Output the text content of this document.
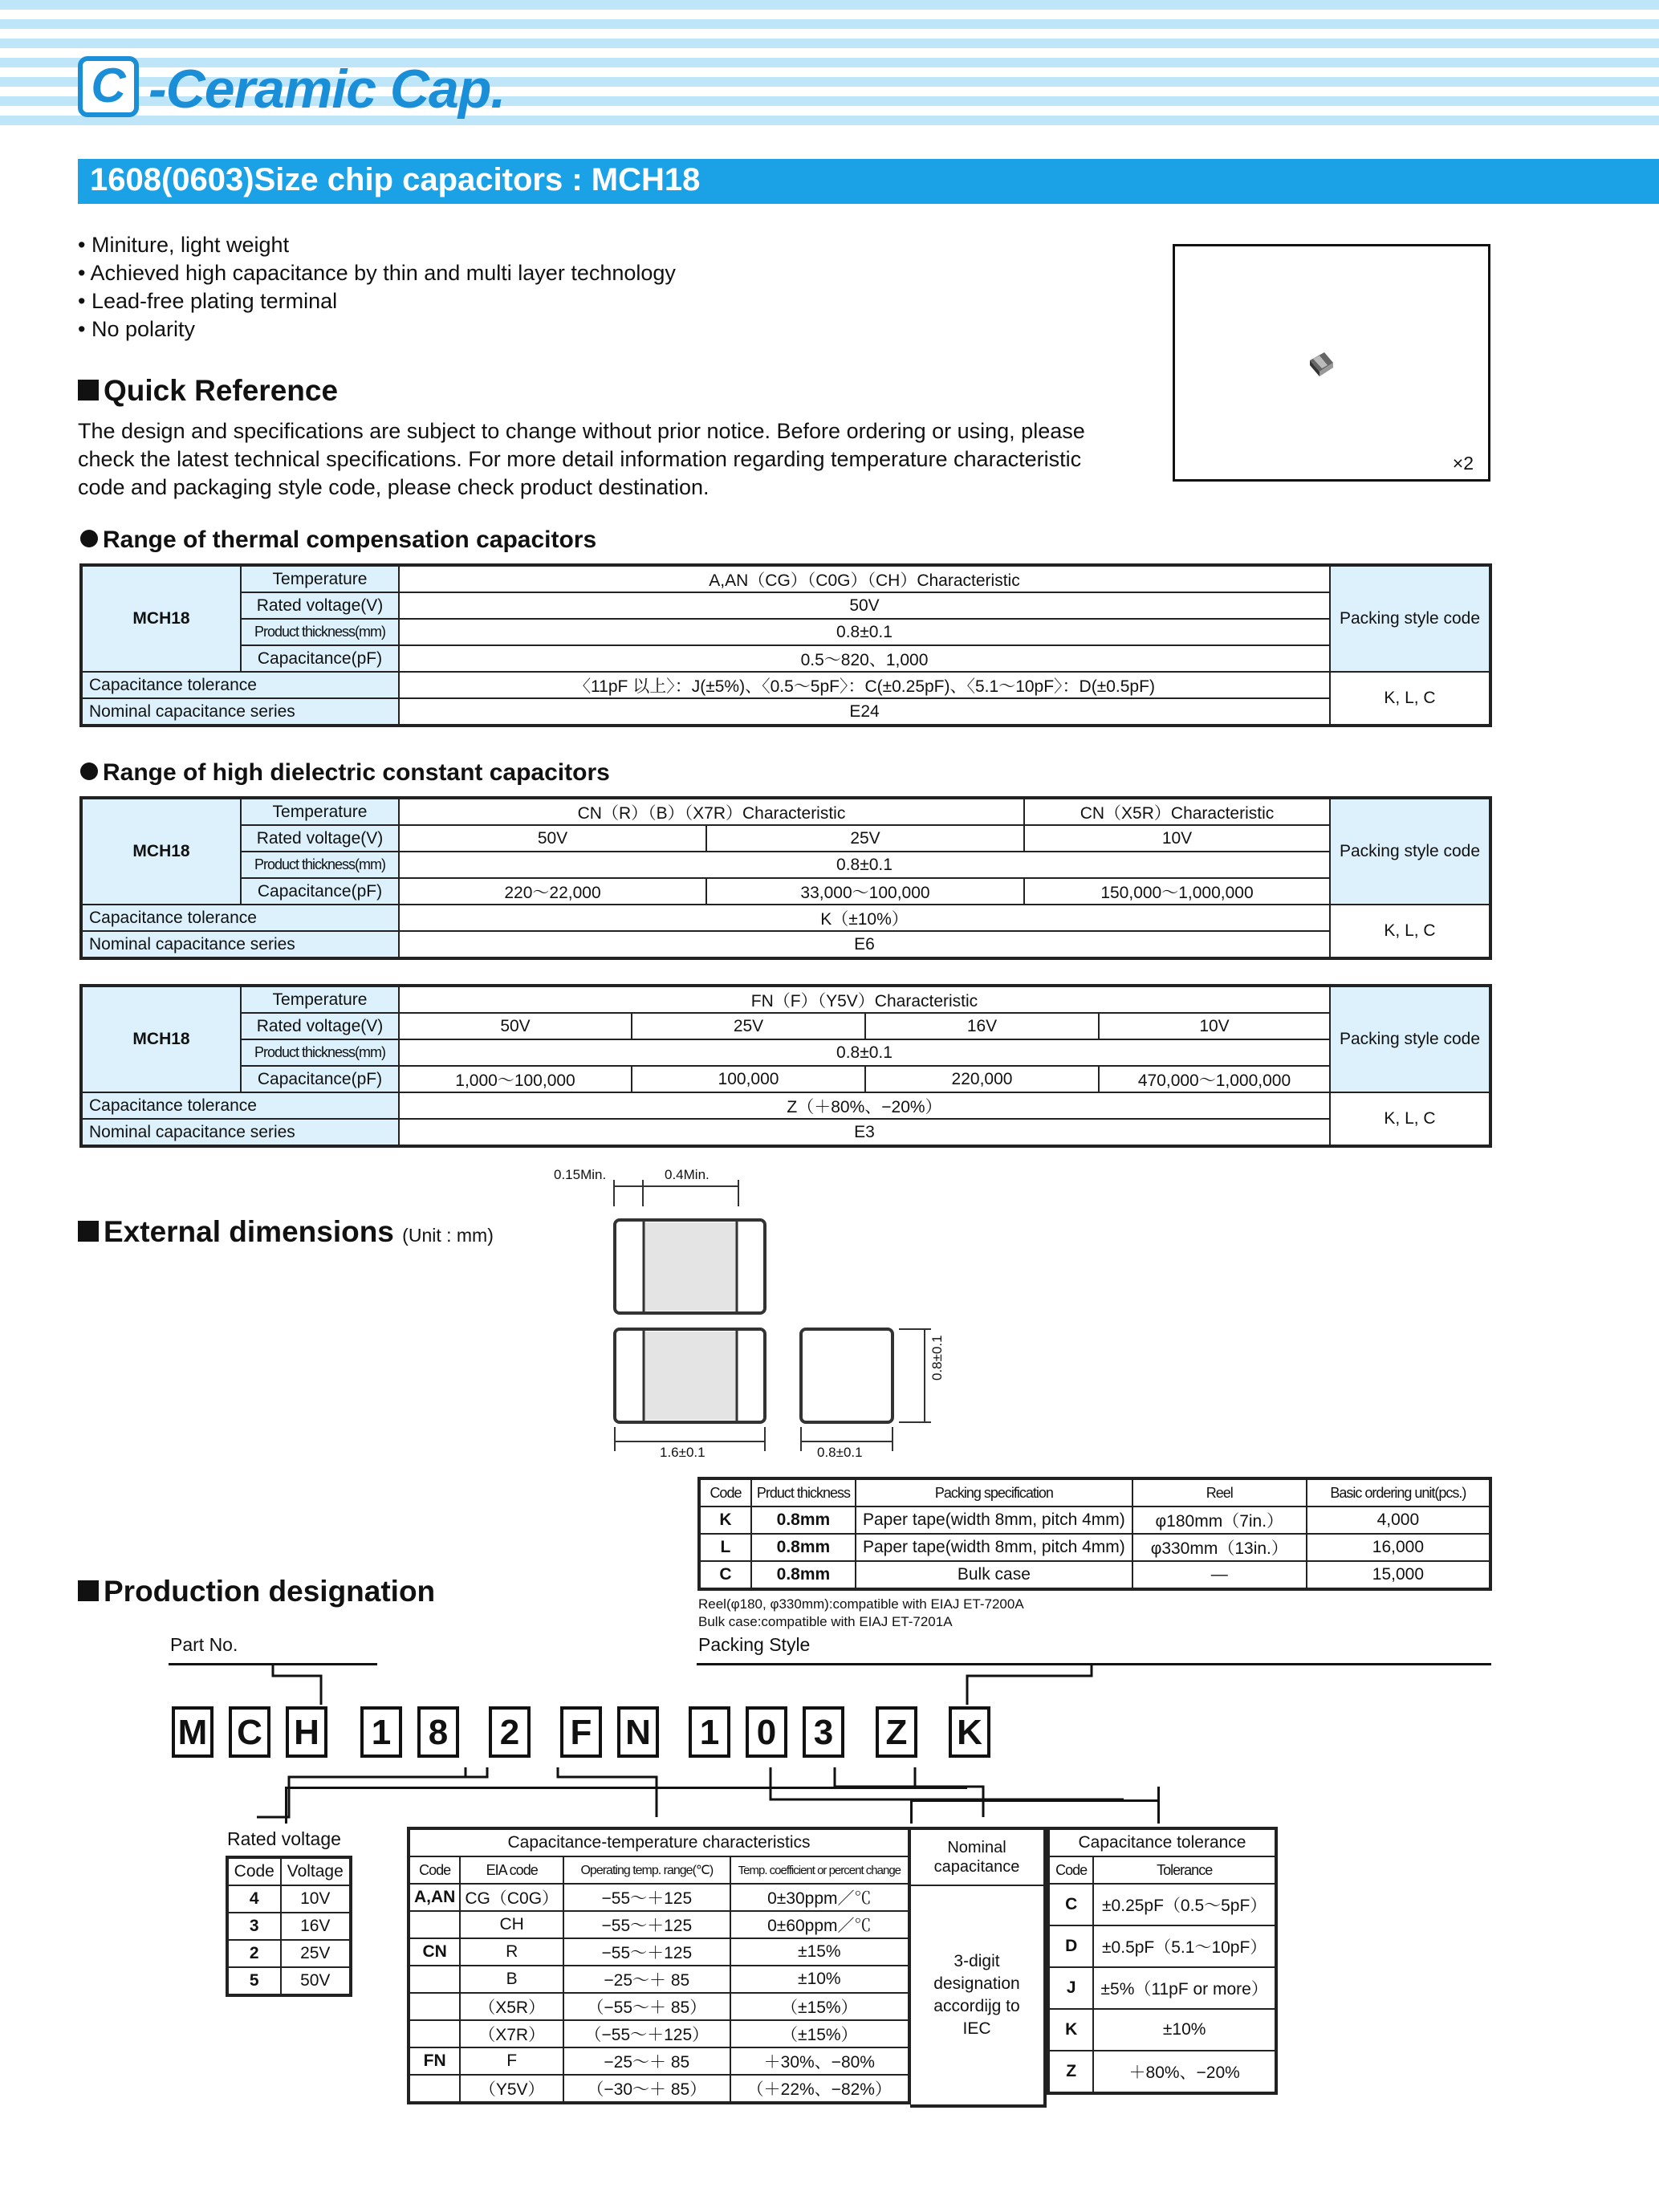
C -Ceramic Cap.
1608(0603)Size chip capacitors : MCH18
• Miniture, light weight
• Achieved high capacitance by thin and multi layer technology
• Lead-free plating terminal
• No polarity
×2
Quick Reference
The design and specifications are subject to change without prior notice. Before ordering or using, please check the latest technical specifications. For more detail information regarding temperature characteristic code and packaging style code, please check product destination.
Range of thermal compensation capacitors
MCH18	Temperature	A,AN（CG）（C0G）（CH）Characteristic	Packing style code
	Rated voltage(V)	50V	
	Product thickness(mm)	0.8±0.1	
	Capacitance(pF)	0.5～820、1,000	
Capacitance tolerance		〈11pF 以上〉：J(±5%)、〈0.5～5pF〉：C(±0.25pF)、〈5.1～10pF〉：D(±0.5pF)	K, L, C
Nominal capacitance series		E24	
Range of high dielectric constant capacitors
MCH18	Temperature	CN（R）（B）（X7R）Characteristic		CN（X5R）Characteristic	Packing style code
	Rated voltage(V)	50V	25V	10V	
	Product thickness(mm)	0.8±0.1			
	Capacitance(pF)	220～22,000	33,000～100,000	150,000～1,000,000	
Capacitance tolerance		K（±10%）			K, L, C
Nominal capacitance series		E6			
MCH18	Temperature	FN（F）（Y5V）Characteristic				Packing style code
	Rated voltage(V)	50V	25V	16V	10V	
	Product thickness(mm)	0.8±0.1				
	Capacitance(pF)	1,000～100,000	100,000	220,000	470,000～1,000,000	
Capacitance tolerance		Z（＋80%、−20%）				K, L, C
Nominal capacitance series		E3				
External dimensions (Unit : mm)
0.15Min.	0.4Min.
1.6±0.1	0.8±0.1
0.8±0.1
Code	Prduct thickness	Packing specification	Reel	Basic ordering unit(pcs.)
K	0.8mm	Paper tape(width 8mm, pitch 4mm)	φ180mm（7in.）	4,000
L	0.8mm	Paper tape(width 8mm, pitch 4mm)	φ330mm（13in.）	16,000
C	0.8mm	Bulk case	—	15,000
Reel(φ180, φ330mm):compatible with EIAJ ET-7200A
Bulk case:compatible with EIAJ ET-7201A
Production designation
Part No.	Packing Style
M C H	1	8	2	F N	1	0	3	Z K
Rated voltage
Code	Voltage
4	10V
3	16V
2	25V
5	50V
Capacitance-temperature characteristics			
Code	EIA code	Operating temp. range(℃)	Temp. coefficient or percent change
A,AN	CG（C0G）	−55～＋125	0±30ppm／℃
	CH	−55～＋125	0±60ppm／℃
CN	R	−55～＋125	±15%
	B	−25～＋ 85	±10%
	（X5R）	（−55～＋ 85）	（±15%）
	（X7R）	（−55～＋125）	（±15%）
FN	F	−25～＋ 85	＋30%、−80%
	（Y5V）	（−30～＋ 85）	（＋22%、−82%）
Nominal capacitance
3-digit designation accordijg to IEC
Capacitance tolerance	
Code	Tolerance
C	±0.25pF（0.5～5pF）
D	±0.5pF（5.1～10pF）
J	±5%（11pF or more）
K	±10%
Z	＋80%、−20%
